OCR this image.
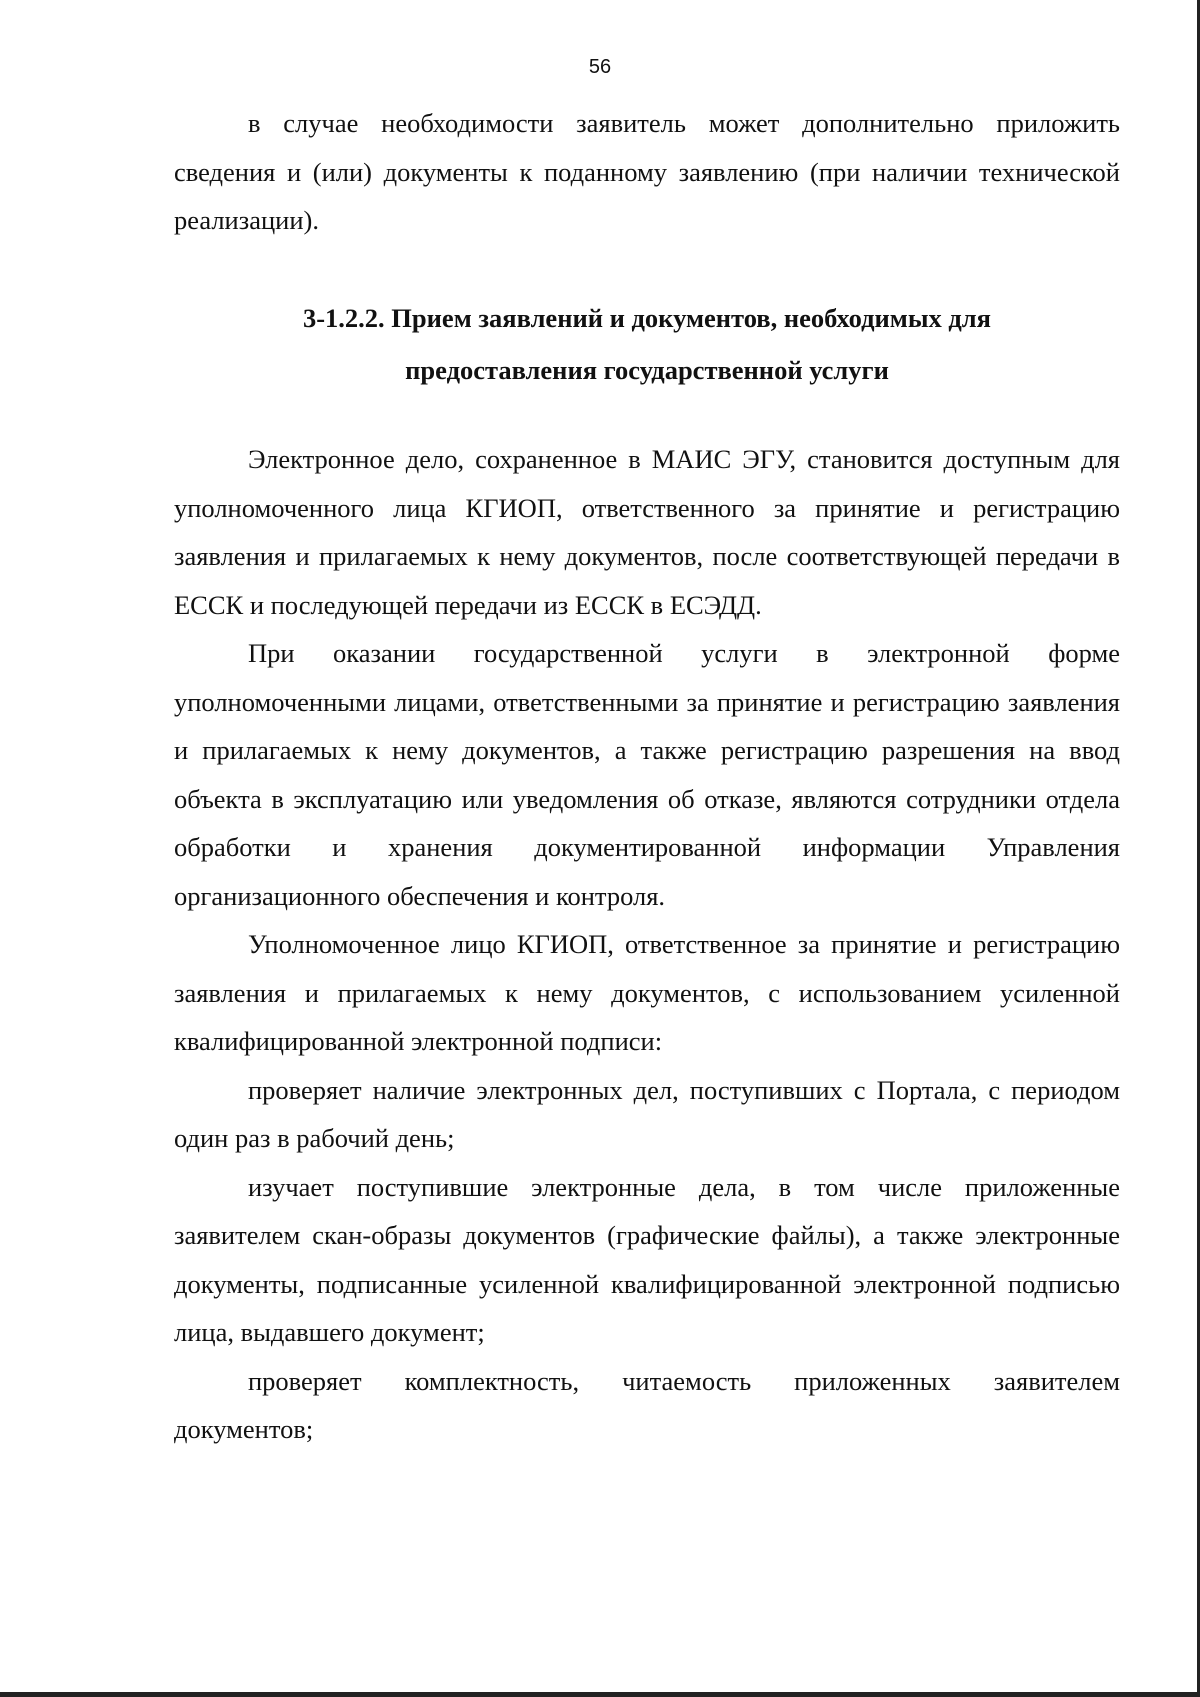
56

в случае необходимости заявитель может дополнительно приложить сведения и (или) документы к поданному заявлению (при наличии технической реализации).

3-1.2.2. Прием заявлений и документов, необходимых для
предоставления государственной услуги

Электронное дело, сохраненное в МАИС ЭГУ, становится доступным для уполномоченного лица КГИОП, ответственного за принятие и регистрацию заявления и прилагаемых к нему документов, после соответствующей передачи в ЕССК и последующей передачи из ЕССК в ЕСЭДД.

При оказании государственной услуги в электронной форме уполномоченными лицами, ответственными за принятие и регистрацию заявления и прилагаемых к нему документов, а также регистрацию разрешения на ввод объекта в эксплуатацию или уведомления об отказе, являются сотрудники отдела обработки и хранения документированной информации Управления организационного обеспечения и контроля.

Уполномоченное лицо КГИОП, ответственное за принятие и регистрацию заявления и прилагаемых к нему документов, с использованием усиленной квалифицированной электронной подписи:

проверяет наличие электронных дел, поступивших с Портала, с периодом один раз в рабочий день;

изучает поступившие электронные дела, в том числе приложенные заявителем скан-образы документов (графические файлы), а также электронные документы, подписанные усиленной квалифицированной электронной подписью лица, выдавшего документ;

проверяет комплектность, читаемость приложенных заявителем документов;
